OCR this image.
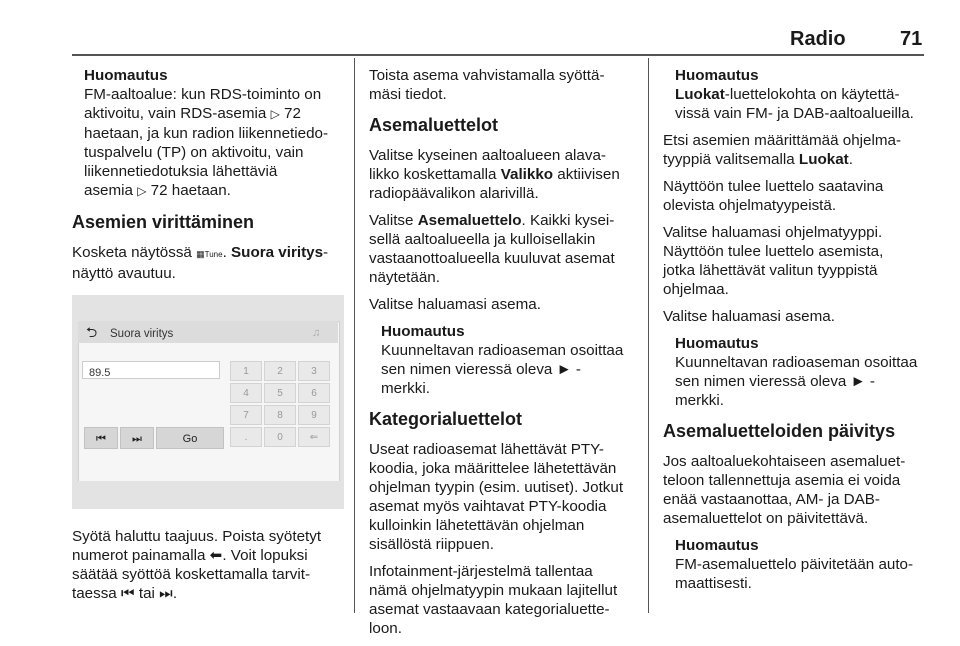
Radio	71
Huomautus
FM-aaltoalue: kun RDS-toiminto on
aktivoitu, vain RDS-asemia ▷ 72
haetaan, ja kun radion liikennetiedo-
tuspalvelu (TP) on aktivoitu, vain
liikennetiedotuksia lähettäviä
asemia ▷ 72 haetaan.
Asemien virittäminen

Kosketa näytössä ▦Tune. Suora viritys-
näyttö avautuu.

⮌ Suora viritys	♫
89.5	1	2	3
4	5	6
7	8	9
.	0	⇐
⏮	⏭	Go

Syötä haluttu taajuus. Poista syötetyt
numerot painamalla ⬅. Voit lopuksi
säätää syöttöä koskettamalla tarvit-
taessa ⏮ tai ⏭.

Toista asema vahvistamalla syöttä-
mäsi tiedot.

Asemaluettelot

Valitse kyseinen aaltoalueen alava-
likko koskettamalla Valikko aktiivisen
radiopäävalikon alarivillä.

Valitse Asemaluettelo. Kaikki kysei-
sellä aaltoalueella ja kulloisellakin
vastaanottoalueella kuuluvat asemat
näytetään.

Valitse haluamasi asema.

Huomautus
Kuunneltavan radioaseman osoittaa
sen nimen vieressä oleva ► -
merkki.
Kategorialuettelot

Useat radioasemat lähettävät PTY-
koodia, joka määrittelee lähetettävän
ohjelman tyypin (esim. uutiset). Jotkut
asemat myös vaihtavat PTY-koodia
kulloinkin lähetettävän ohjelman
sisällöstä riippuen.

Infotainment-järjestelmä tallentaa
nämä ohjelmatyypin mukaan lajitellut
asemat vastaavaan kategorialuette-
loon.

Huomautus
Luokat-luettelokohta on käytettä-
vissä vain FM- ja DAB-aaltoalueilla.

Etsi asemien määrittämää ohjelma-
tyyppiä valitsemalla Luokat.

Näyttöön tulee luettelo saatavina
olevista ohjelmatyypeistä.

Valitse haluamasi ohjelmatyyppi.
Näyttöön tulee luettelo asemista,
jotka lähettävät valitun tyyppistä
ohjelmaa.

Valitse haluamasi asema.

Huomautus
Kuunneltavan radioaseman osoittaa
sen nimen vieressä oleva ► -
merkki.
Asemaluetteloiden päivitys

Jos aaltoaluekohtaiseen asemaluet-
teloon tallennettuja asemia ei voida
enää vastaanottaa, AM- ja DAB-
asemaluettelot on päivitettävä.

Huomautus
FM-asemaluettelo päivitetään auto-
maattisesti.
